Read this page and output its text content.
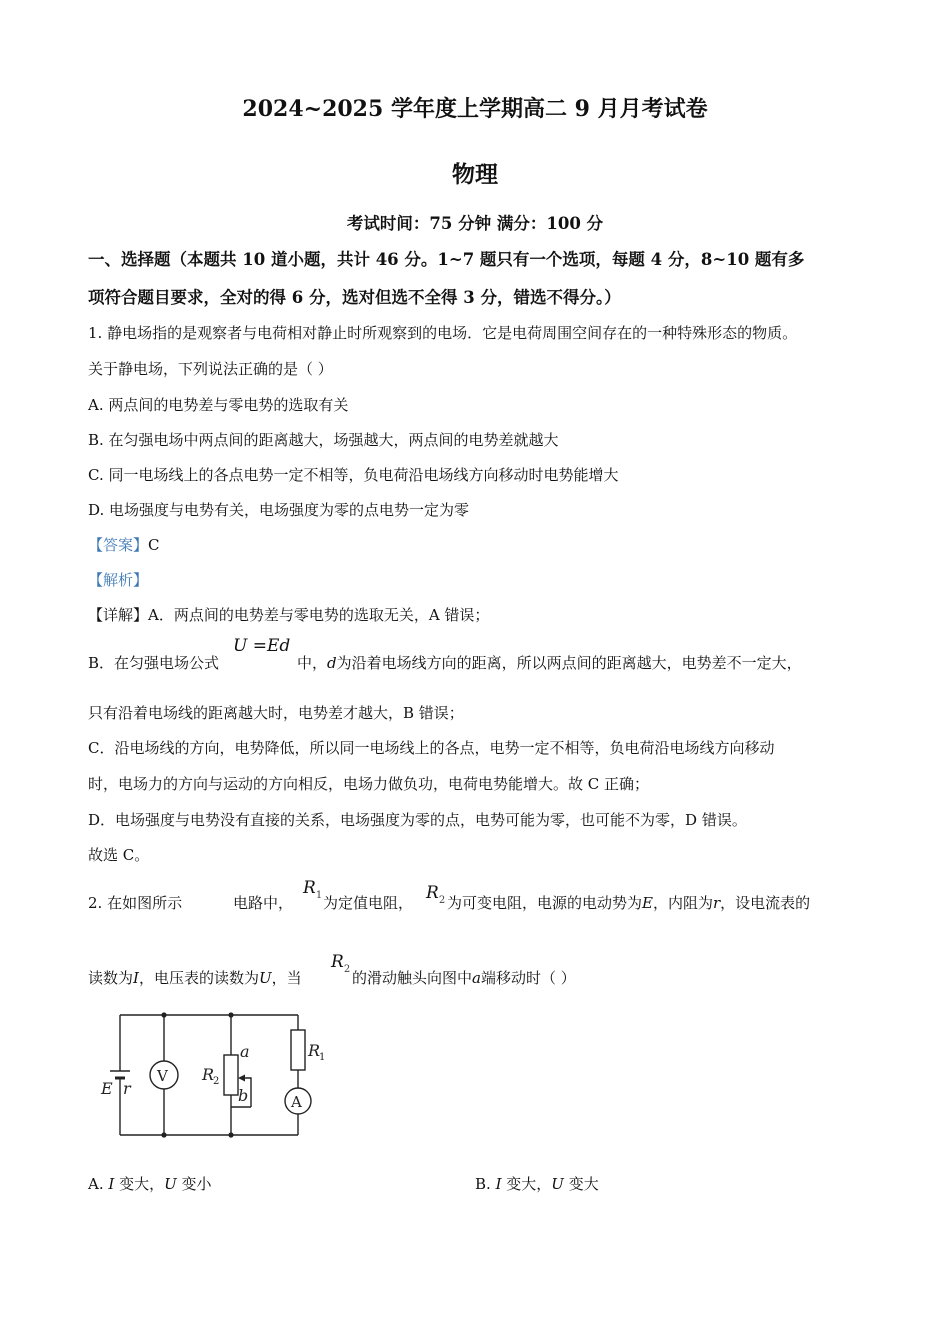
2024~2025 学年度上学期高二 9 月月考试卷
物理
考试时间：75 分钟 满分：100 分
一、选择题（本题共 10 道小题，共计 46 分。1~7 题只有一个选项，每题 4 分，8~10 题有多
项符合题目要求，全对的得 6 分，选对但选不全得 3 分，错选不得分。）
1. 静电场指的是观察者与电荷相对静止时所观察到的电场．它是电荷周围空间存在的一种特殊形态的物质。
关于静电场，下列说法正确的是（ ）
A. 两点间的电势差与零电势的选取有关
B. 在匀强电场中两点间的距离越大，场强越大，两点间的电势差就越大
C. 同一电场线上的各点电势一定不相等，负电荷沿电场线方向移动时电势能增大
D. 电场强度与电势有关，电场强度为零的点电势一定为零
【答案】C
【解析】
【详解】A．两点间的电势差与零电势的选取无关，A 错误；
B．在匀强电场公式
U =Ed
中，d为沿着电场线方向的距离，所以两点间的距离越大，电势差不一定大，
只有沿着电场线的距离越大时，电势差才越大，B 错误；
C．沿电场线的方向，电势降低，所以同一电场线上的各点，电势一定不相等，负电荷沿电场线方向移动
时，电场力的方向与运动的方向相反，电场力做负功，电荷电势能增大。故 C 正确；
D．电场强度与电势没有直接的关系，电场强度为零的点，电势可能为零，也可能不为零，D 错误。
故选 C。
2. 在如图所示	电路中，
$R_1$ 为定值电阻， $R_2$ 为可变电阻，电源的电动势为E，内阻为r，设电流表的
读数为I，电压表的读数为U，当
$R_2$ 的滑动触头向图中a端移动时（ ）
V
A
E r
R
2
R
1
a
b
A. I 变大，U 变小	B. I 变大，U 变大
